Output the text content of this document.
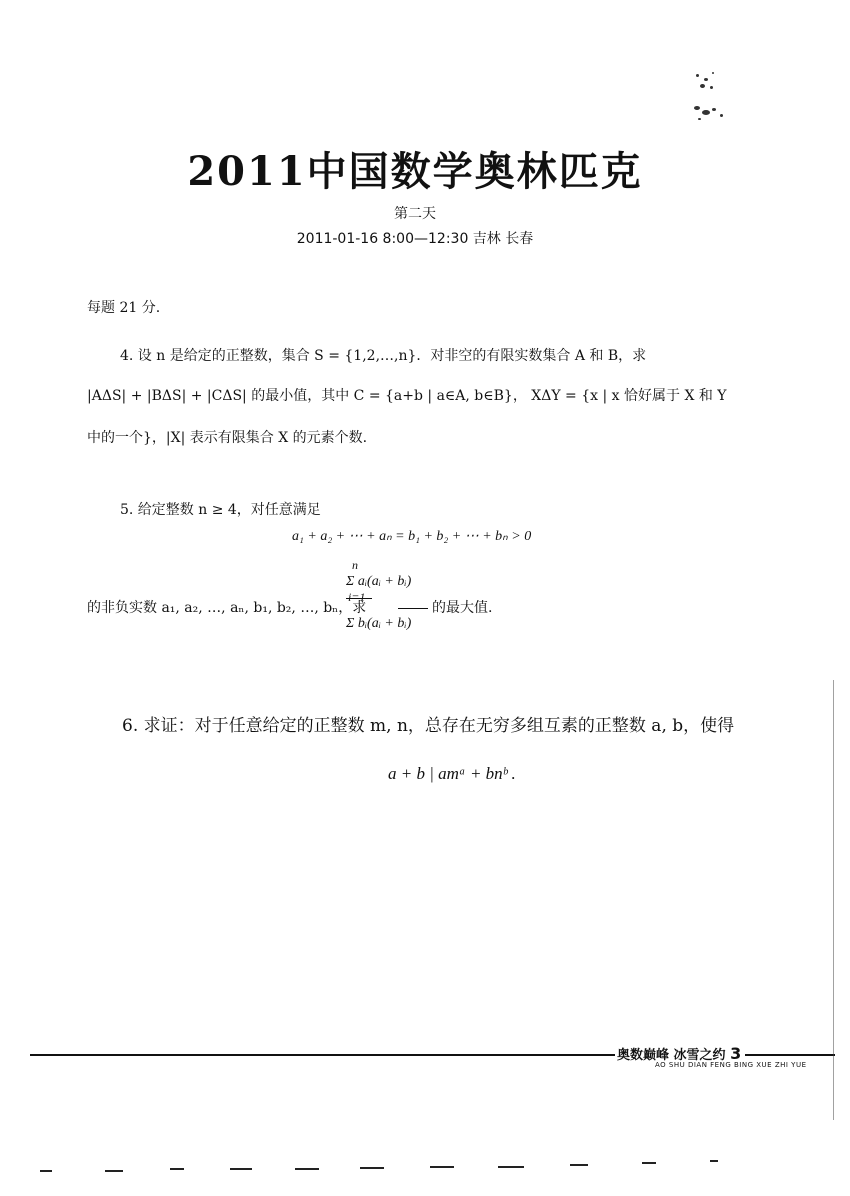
2011中国数学奥林匹克
第二天
2011-01-16 8:00—12:30 吉林 长春
每题 21 分.
4. 设 n 是给定的正整数，集合 S = {1,2,…,n}．对非空的有限实数集合 A 和 B，求
|AΔS| + |BΔS| + |CΔS| 的最小值，其中 C = {a+b | a∈A, b∈B}， XΔY = {x | x 恰好属于 X 和 Y
中的一个}，|X| 表示有限集合 X 的元素个数.
5. 给定整数 n ≥ 4，对任意满足
a₁ + a₂ + ⋯ + aₙ = b₁ + b₂ + ⋯ + bₙ > 0
的非负实数 a₁, a₂, …, aₙ, b₁, b₂, …, bₙ，求
n
Σ aᵢ(aᵢ + bᵢ)
i=1
Σ bᵢ(aᵢ + bᵢ)
的最大值.
6. 求证：对于任意给定的正整数 m, n，总存在无穷多组互素的正整数 a, b，使得
a + b | amᵃ + bnᵇ .
奥数巅峰 冰雪之约 3
AO SHU DIAN FENG BING XUE ZHI YUE
